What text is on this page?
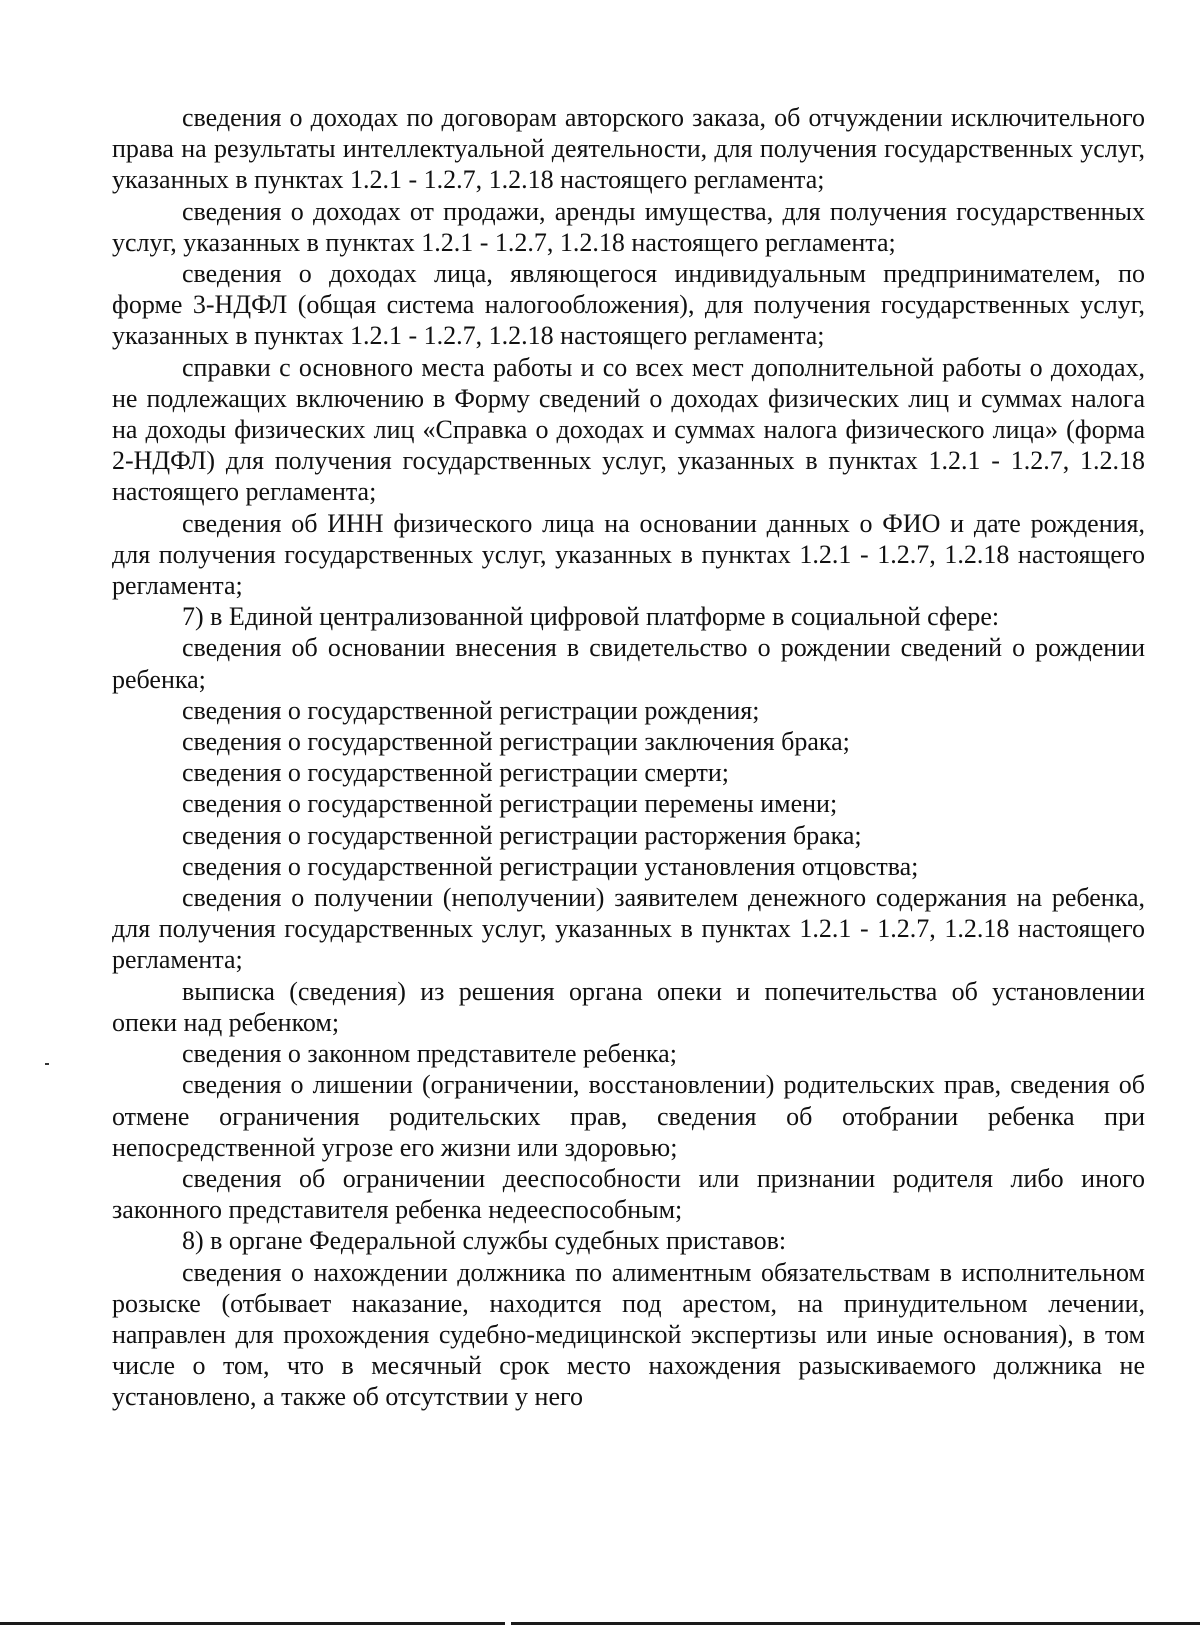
сведения о доходах по договорам авторского заказа, об отчуждении исключительного права на результаты интеллектуальной деятельности, для получения государственных услуг, указанных в пунктах 1.2.1 - 1.2.7, 1.2.18 настоящего регламента;

сведения о доходах от продажи, аренды имущества, для получения государственных услуг, указанных в пунктах 1.2.1 - 1.2.7, 1.2.18 настоящего регламента;

сведения о доходах лица, являющегося индивидуальным предпринимателем, по форме 3-НДФЛ (общая система налогообложения), для получения государственных услуг, указанных в пунктах 1.2.1 - 1.2.7, 1.2.18 настоящего регламента;

справки с основного места работы и со всех мест дополнительной работы о доходах, не подлежащих включению в Форму сведений о доходах физических лиц и суммах налога на доходы физических лиц «Справка о доходах и суммах налога физического лица» (форма 2-НДФЛ) для получения государственных услуг, указанных в пунктах 1.2.1 - 1.2.7, 1.2.18 настоящего регламента;

сведения об ИНН физического лица на основании данных о ФИО и дате рождения, для получения государственных услуг, указанных в пунктах 1.2.1 - 1.2.7, 1.2.18 настоящего регламента;

7) в Единой централизованной цифровой платформе в социальной сфере:

сведения об основании внесения в свидетельство о рождении сведений о рождении ребенка;

сведения о государственной регистрации рождения;

сведения о государственной регистрации заключения брака;

сведения о государственной регистрации смерти;

сведения о государственной регистрации перемены имени;

сведения о государственной регистрации расторжения брака;

сведения о государственной регистрации установления отцовства;

сведения о получении (неполучении) заявителем денежного содержания на ребенка, для получения государственных услуг, указанных в пунктах 1.2.1 - 1.2.7, 1.2.18 настоящего регламента;

выписка (сведения) из решения органа опеки и попечительства об установлении опеки над ребенком;

сведения о законном представителе ребенка;

сведения о лишении (ограничении, восстановлении) родительских прав, сведения об отмене ограничения родительских прав, сведения об отобрании ребенка при непосредственной угрозе его жизни или здоровью;

сведения об ограничении дееспособности или признании родителя либо иного законного представителя ребенка недееспособным;

8) в органе Федеральной службы судебных приставов:

сведения о нахождении должника по алиментным обязательствам в исполнительном розыске (отбывает наказание, находится под арестом, на принудительном лечении, направлен для прохождения судебно-медицинской экспертизы или иные основания), в том числе о том, что в месячный срок место нахождения разыскиваемого должника не установлено, а также об отсутствии у него
